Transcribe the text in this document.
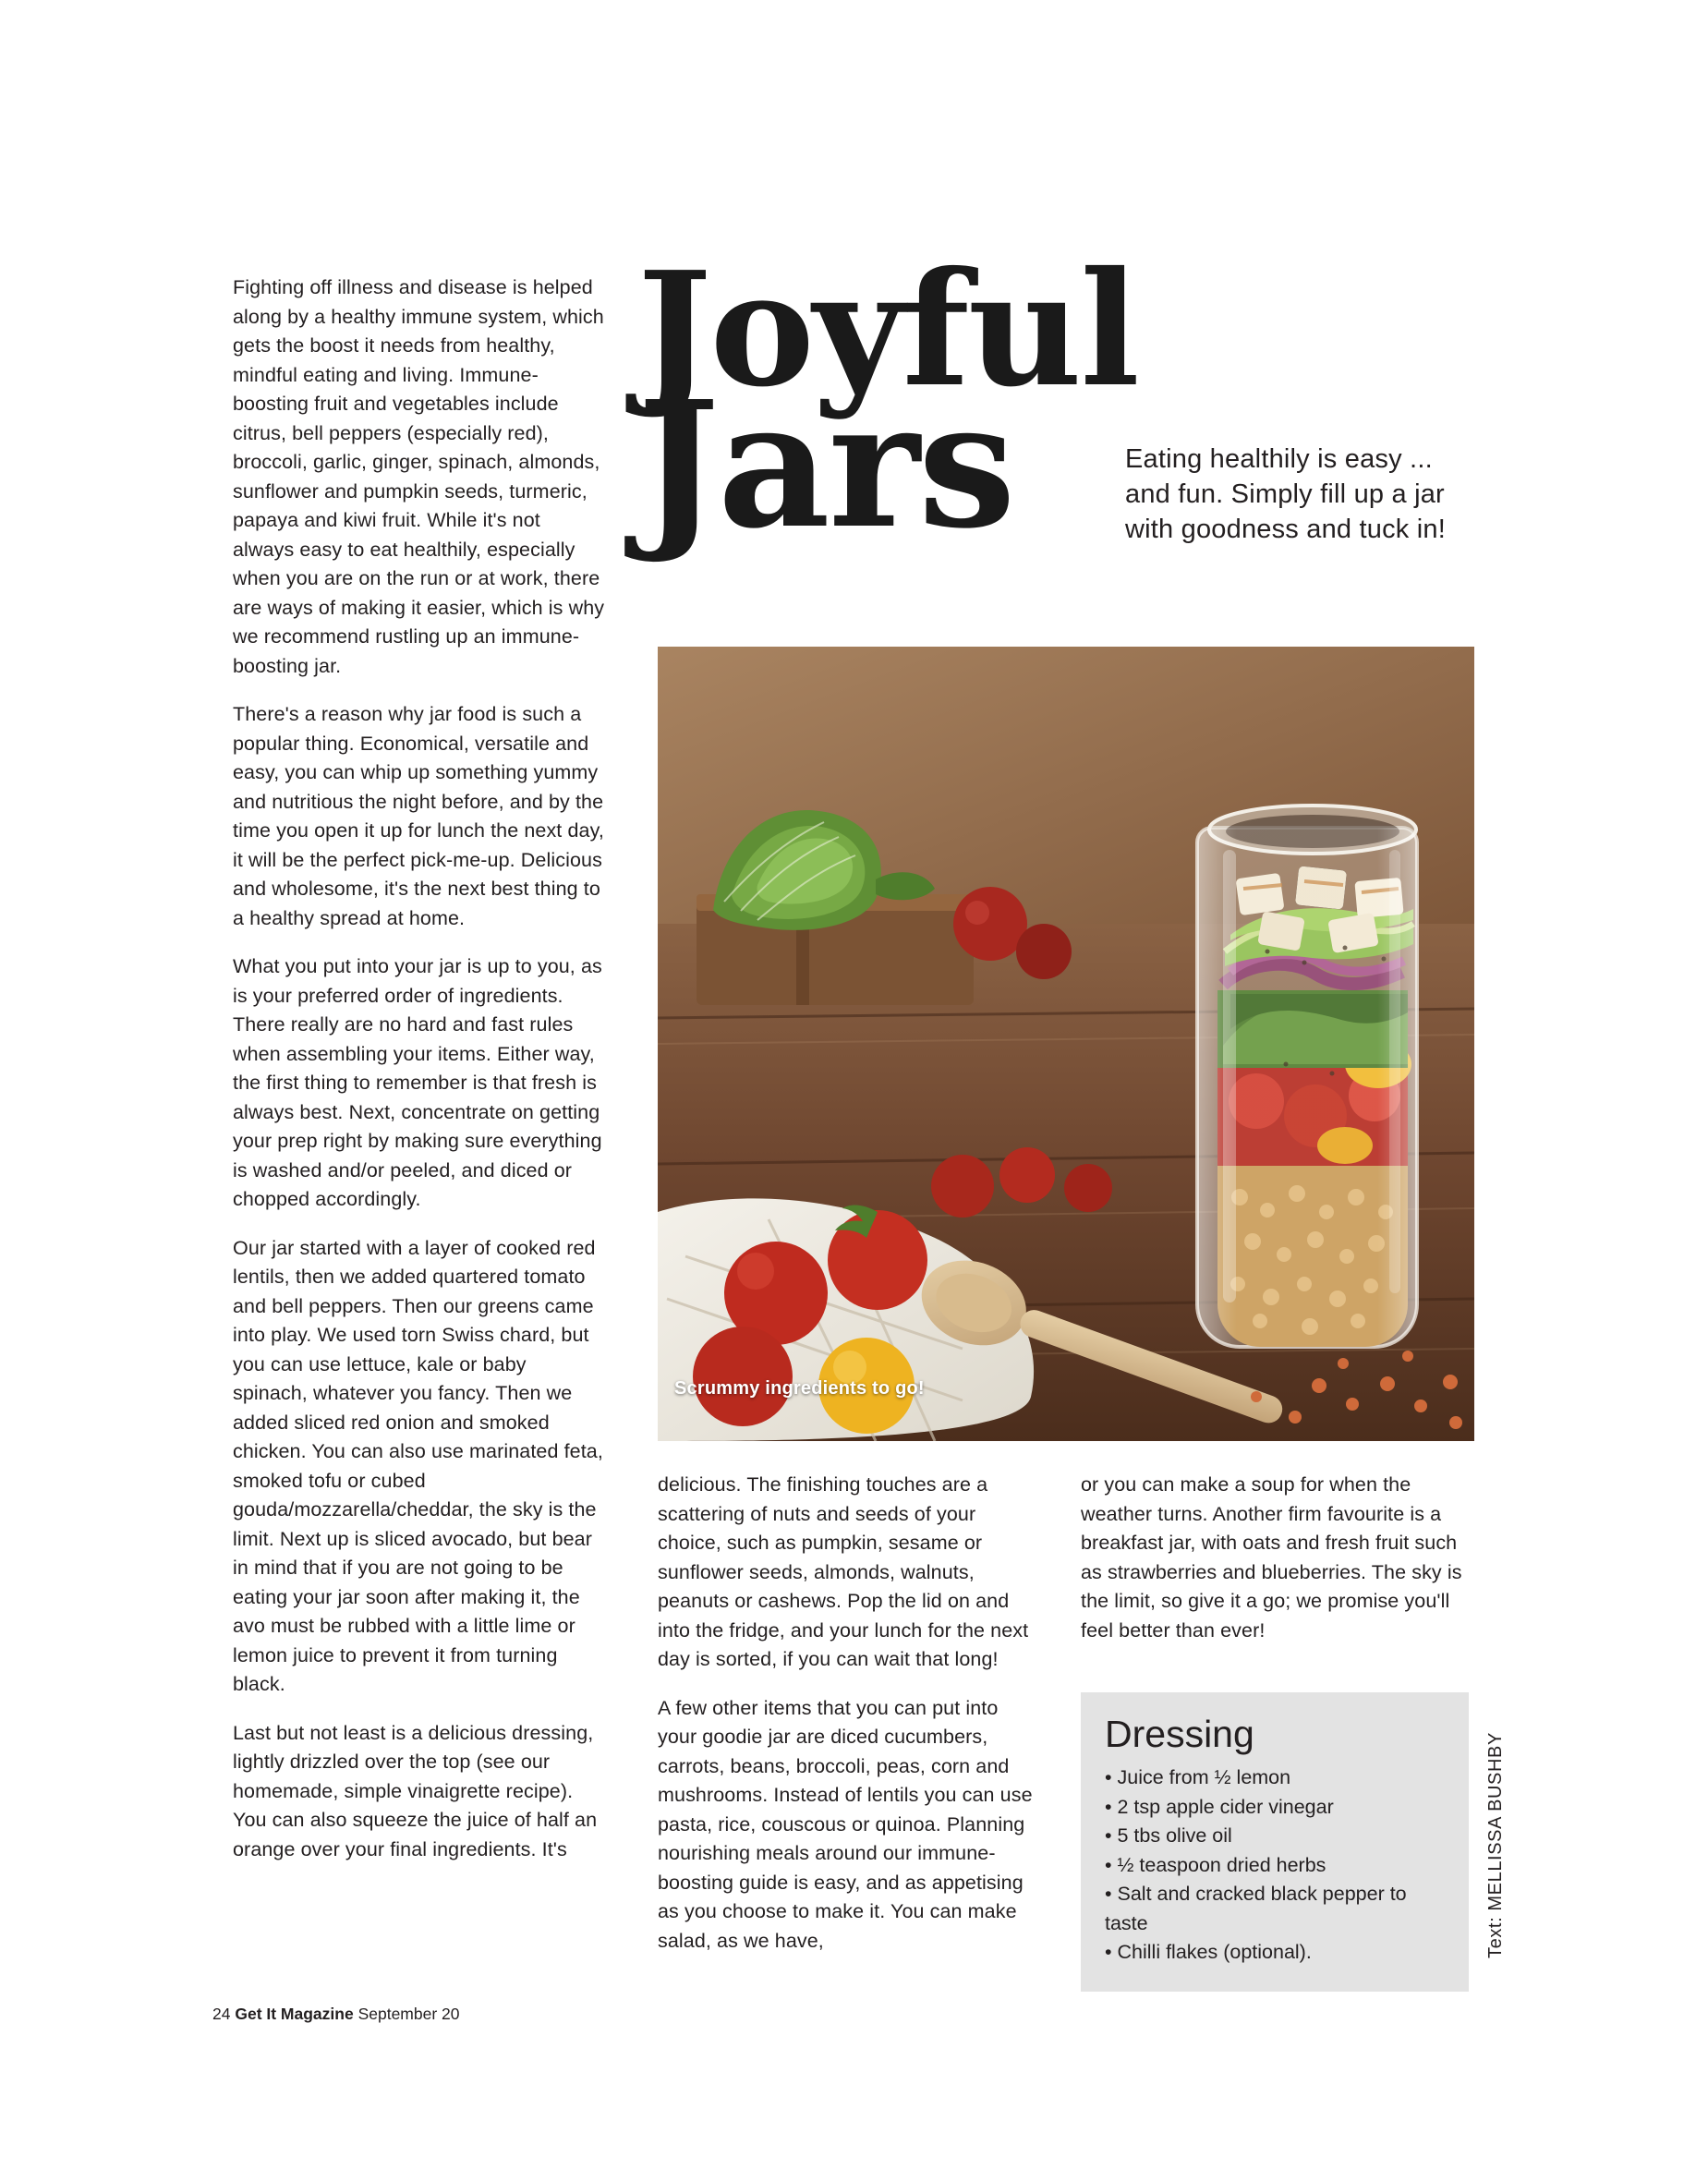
Fighting off illness and disease is helped along by a healthy immune system, which gets the boost it needs from healthy, mindful eating and living. Immune-boosting fruit and vegetables include citrus, bell peppers (especially red), broccoli, garlic, ginger, spinach, almonds, sunflower and pumpkin seeds, turmeric, papaya and kiwi fruit. While it's not always easy to eat healthily, especially when you are on the run or at work, there are ways of making it easier, which is why we recommend rustling up an immune-boosting jar.

There's a reason why jar food is such a popular thing. Economical, versatile and easy, you can whip up something yummy and nutritious the night before, and by the time you open it up for lunch the next day, it will be the perfect pick-me-up. Delicious and wholesome, it's the next best thing to a healthy spread at home.

What you put into your jar is up to you, as is your preferred order of ingredients. There really are no hard and fast rules when assembling your items. Either way, the first thing to remember is that fresh is always best. Next, concentrate on getting your prep right by making sure everything is washed and/or peeled, and diced or chopped accordingly.

Our jar started with a layer of cooked red lentils, then we added quartered tomato and bell peppers. Then our greens came into play. We used torn Swiss chard, but you can use lettuce, kale or baby spinach, whatever you fancy. Then we added sliced red onion and smoked chicken. You can also use marinated feta, smoked tofu or cubed gouda/mozzarella/cheddar, the sky is the limit. Next up is sliced avocado, but bear in mind that if you are not going to be eating your jar soon after making it, the avo must be rubbed with a little lime or lemon juice to prevent it from turning black.

Last but not least is a delicious dressing, lightly drizzled over the top (see our homemade, simple vinaigrette recipe). You can also squeeze the juice of half an orange over your final ingredients. It's

Joyful
Jars	Eating healthily is easy ... and fun. Simply fill up a jar with goodness and tuck in!
Scrummy ingredients to go!

delicious. The finishing touches are a scattering of nuts and seeds of your choice, such as pumpkin, sesame or sunflower seeds, almonds, walnuts, peanuts or cashews. Pop the lid on and into the fridge, and your lunch for the next day is sorted, if you can wait that long!

A few other items that you can put into your goodie jar are diced cucumbers, carrots, beans, broccoli, peas, corn and mushrooms. Instead of lentils you can use pasta, rice, couscous or quinoa. Planning nourishing meals around our immune-boosting guide is easy, and as appetising as you choose to make it. You can make salad, as we have,

or you can make a soup for when the weather turns. Another firm favourite is a breakfast jar, with oats and fresh fruit such as strawberries and blueberries. The sky is the limit, so give it a go; we promise you'll feel better than ever!

Dressing
• Juice from ½ lemon
• 2 tsp apple cider vinegar
• 5 tbs olive oil
• ½ teaspoon dried herbs
• Salt and cracked black pepper to taste
• Chilli flakes (optional).	Text: MELLISSA BUSHBY
24 Get It Magazine September 20
